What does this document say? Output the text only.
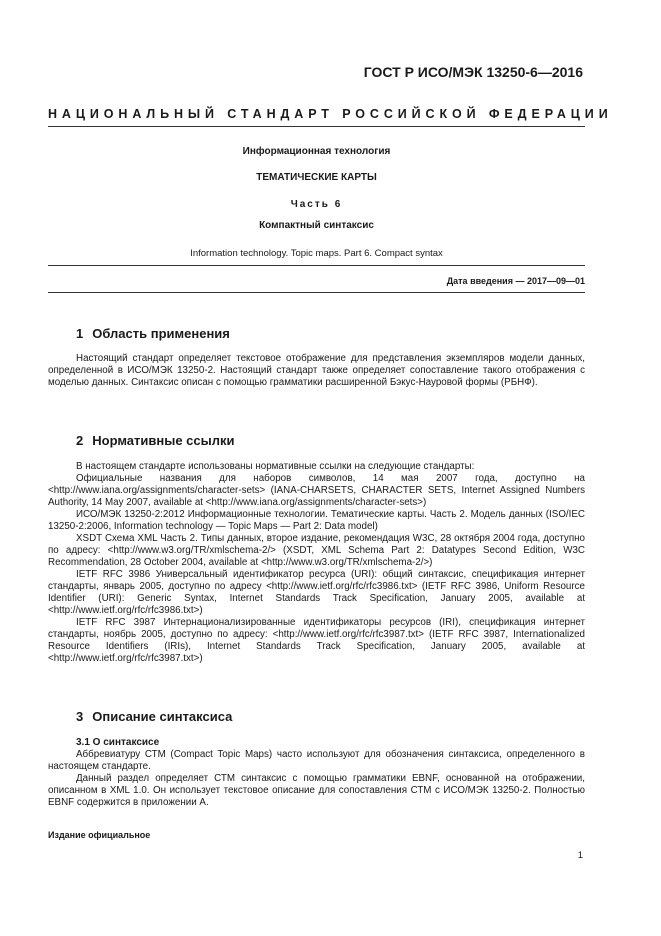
ГОСТ Р ИСО/МЭК 13250-6—2016
НАЦИОНАЛЬНЫЙ СТАНДАРТ РОССИЙСКОЙ ФЕДЕРАЦИИ
Информационная технология
ТЕМАТИЧЕСКИЕ КАРТЫ
Часть 6
Компактный синтаксис
Information technology. Topic maps. Part 6. Compact syntax
Дата введения — 2017—09—01
1 Область применения

Настоящий стандарт определяет текстовое отображение для представления экземпляров модели данных, определенной в ИСО/МЭК 13250-2. Настоящий стандарт также определяет сопоставление такого отображения с моделью данных. Синтаксис описан с помощью грамматики расширенной Бэкус-Науровой формы (РБНФ).

2 Нормативные ссылки

В настоящем стандарте использованы нормативные ссылки на следующие стандарты:

Официальные названия для наборов символов, 14 мая 2007 года, доступно на <http://www.iana.org/assignments/character-sets> (IANA-CHARSETS, CHARACTER SETS, Internet Assigned Numbers Authority, 14 May 2007, available at <http://www.iana.org/assignments/character-sets>)

ИСО/МЭК 13250-2:2012 Информационные технологии. Тематические карты. Часть 2. Модель данных (ISO/IEC 13250-2:2006, Information technology — Topic Maps — Part 2: Data model)

XSDT Схема XML Часть 2. Типы данных, второе издание, рекомендация W3C, 28 октября 2004 года, доступно по адресу: <http://www.w3.org/TR/xmlschema-2/> (XSDT, XML Schema Part 2: Datatypes Second Edition, W3C Recommendation, 28 October 2004, available at <http://www.w3.org/TR/xmlschema-2/>)

IETF RFC 3986 Универсальный идентификатор ресурса (URI): общий синтаксис, спецификация интернет стандарты, январь 2005, доступно по адресу <http://www.ietf.org/rfc/rfc3986.txt> (IETF RFC 3986, Uniform Resource Identifier (URI): Generic Syntax, Internet Standards Track Specification, January 2005, available at <http://www.ietf.org/rfc/rfc3986.txt>)

IETF RFC 3987 Интернационализированные идентификаторы ресурсов (IRI), спецификация интернет стандарты, ноябрь 2005, доступно по адресу: <http://www.ietf.org/rfc/rfc3987.txt> (IETF RFC 3987, Internationalized Resource Identifiers (IRIs), Internet Standards Track Specification, January 2005, available at <http://www.ietf.org/rfc/rfc3987.txt>)

3 Описание синтаксиса
3.1 О синтаксисе

Аббревиатуру СТМ (Compact Topic Maps) часто используют для обозначения синтаксиса, определенного в настоящем стандарте.

Данный раздел определяет СТМ синтаксис с помощью грамматики EBNF, основанной на отображении, описанном в XML 1.0. Он использует текстовое описание для сопоставления СТМ с ИСО/МЭК 13250-2. Полностью EBNF содержится в приложении А.

Издание официальное
1
